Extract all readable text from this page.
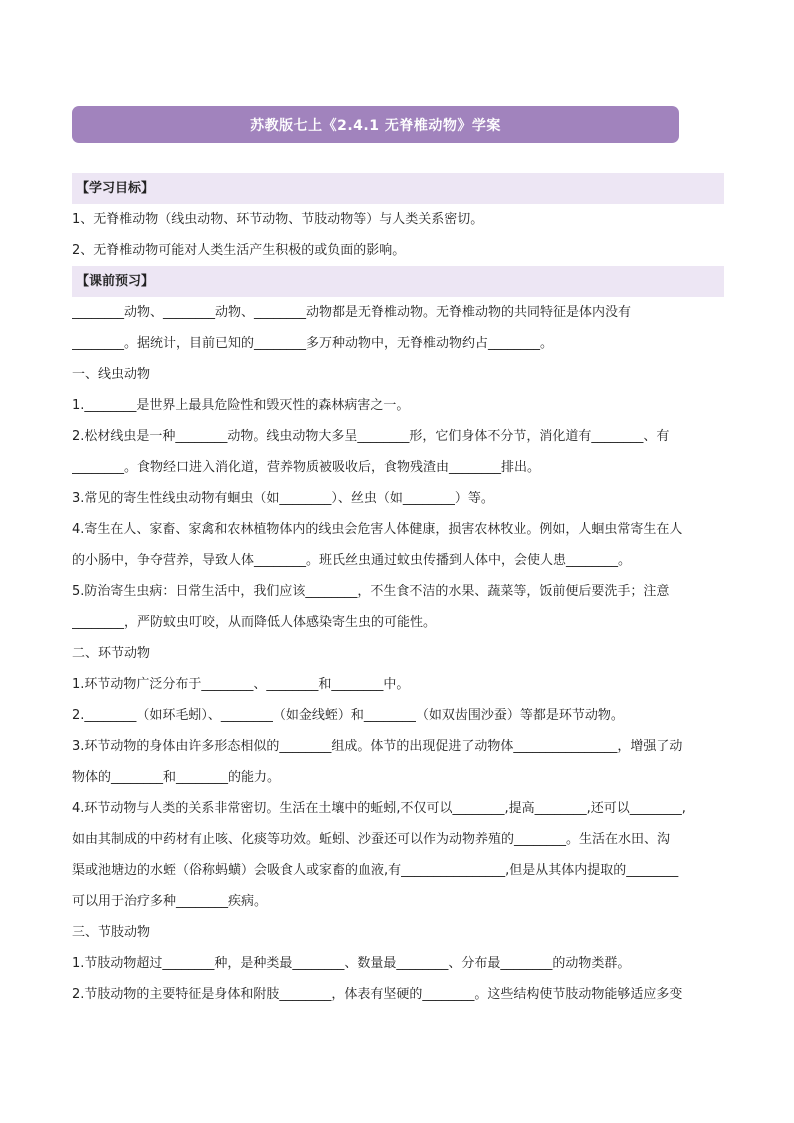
苏教版七上《2.4.1 无脊椎动物》学案
【学习目标】
1、无脊椎动物（线虫动物、环节动物、节肢动物等）与人类关系密切。
2、无脊椎动物可能对人类生活产生积极的或负面的影响。
【课前预习】
________动物、________动物、________动物都是无脊椎动物。无脊椎动物的共同特征是体内没有
________。据统计，目前已知的________多万种动物中，无脊椎动物约占________。
一、线虫动物
1.________是世界上最具危险性和毁灭性的森林病害之一。
2.松材线虫是一种________动物。线虫动物大多呈________形，它们身体不分节，消化道有________、有
________。食物经口进入消化道，营养物质被吸收后，食物残渣由________排出。
3.常见的寄生性线虫动物有蛔虫（如________）、丝虫（如________）等。
4.寄生在人、家畜、家禽和农林植物体内的线虫会危害人体健康，损害农林牧业。例如，人蛔虫常寄生在人
的小肠中，争夺营养，导致人体________。班氏丝虫通过蚊虫传播到人体中，会使人患________。
5.防治寄生虫病：日常生活中，我们应该________，不生食不洁的水果、蔬菜等，饭前便后要洗手；注意
________，严防蚊虫叮咬，从而降低人体感染寄生虫的可能性。
二、环节动物
1.环节动物广泛分布于________、________和________中。
2.________（如环毛蚓）、________（如金线蛭）和________（如双齿围沙蚕）等都是环节动物。
3.环节动物的身体由许多形态相似的________组成。体节的出现促进了动物体________________，增强了动
物体的________和________的能力。
4.环节动物与人类的关系非常密切。生活在土壤中的蚯蚓,不仅可以________,提高________,还可以________,
如由其制成的中药材有止咳、化痰等功效。蚯蚓、沙蚕还可以作为动物养殖的________。生活在水田、沟
渠或池塘边的水蛭（俗称蚂蟥）会吸食人或家畜的血液,有________________,但是从其体内提取的________
可以用于治疗多种________疾病。
三、节肢动物
1.节肢动物超过________种，是种类最________、数量最________、分布最________的动物类群。
2.节肢动物的主要特征是身体和附肢________，体表有坚硬的________。这些结构使节肢动物能够适应多变
